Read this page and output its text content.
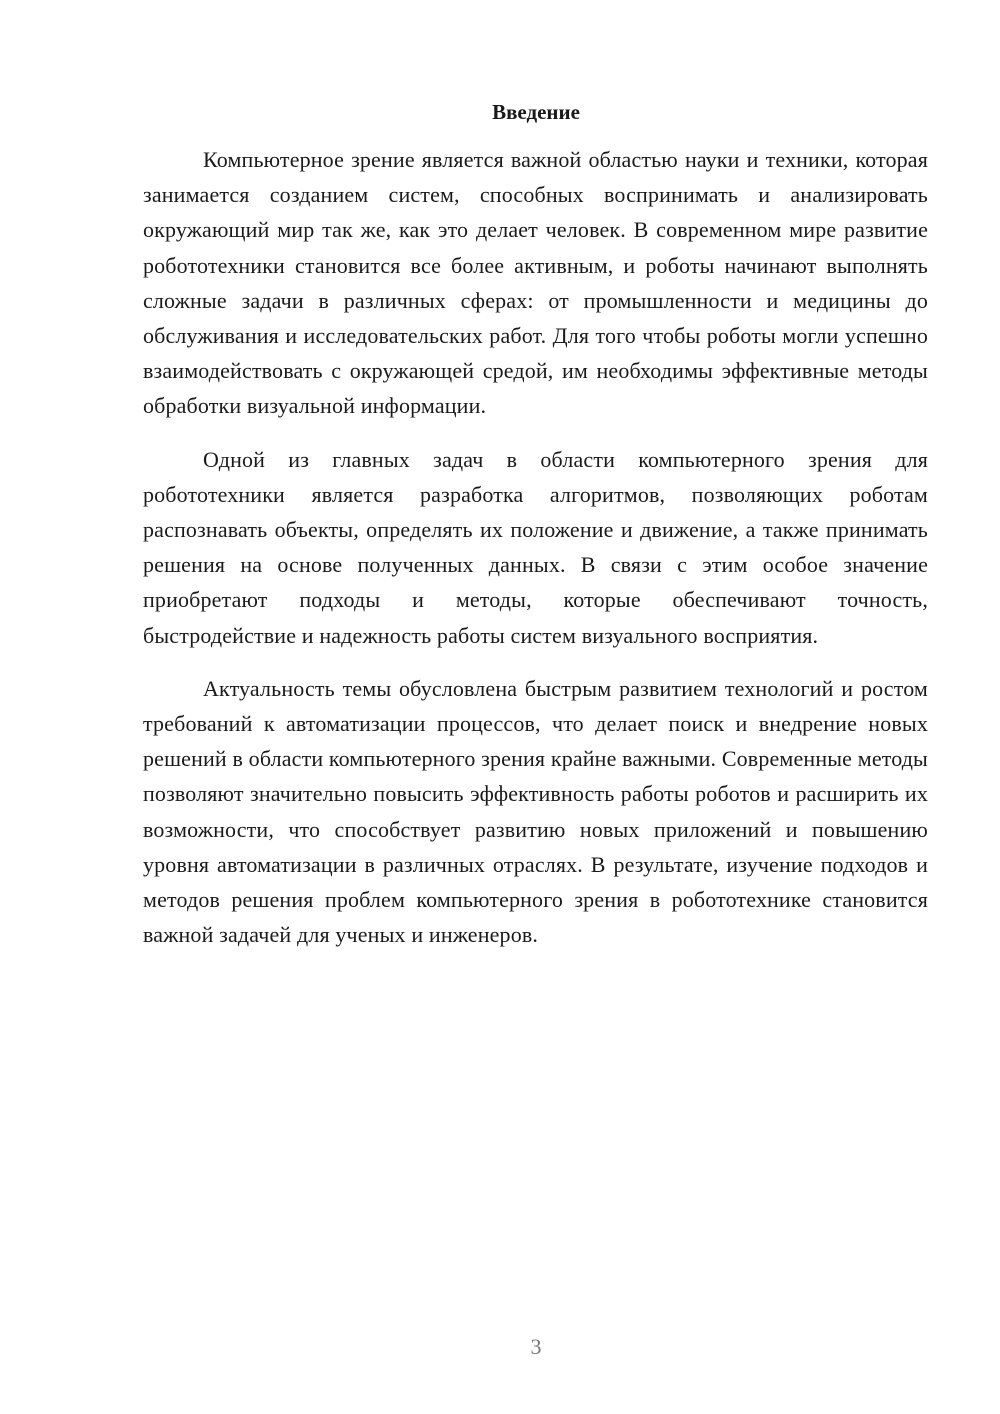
Введение

Компьютерное зрение является важной областью науки и техники, которая занимается созданием систем, способных воспринимать и анализировать окружающий мир так же, как это делает человек. В современном мире развитие робототехники становится все более активным, и роботы начинают выполнять сложные задачи в различных сферах: от промышленности и медицины до обслуживания и исследовательских работ. Для того чтобы роботы могли успешно взаимодействовать с окружающей средой, им необходимы эффективные методы обработки визуальной информации.

Одной из главных задач в области компьютерного зрения для робототехники является разработка алгоритмов, позволяющих роботам распознавать объекты, определять их положение и движение, а также принимать решения на основе полученных данных. В связи с этим особое значение приобретают подходы и методы, которые обеспечивают точность, быстродействие и надежность работы систем визуального восприятия.

Актуальность темы обусловлена быстрым развитием технологий и ростом требований к автоматизации процессов, что делает поиск и внедрение новых решений в области компьютерного зрения крайне важными. Современные методы позволяют значительно повысить эффективность работы роботов и расширить их возможности, что способствует развитию новых приложений и повышению уровня автоматизации в различных отраслях. В результате, изучение подходов и методов решения проблем компьютерного зрения в робототехнике становится важной задачей для ученых и инженеров.

3
